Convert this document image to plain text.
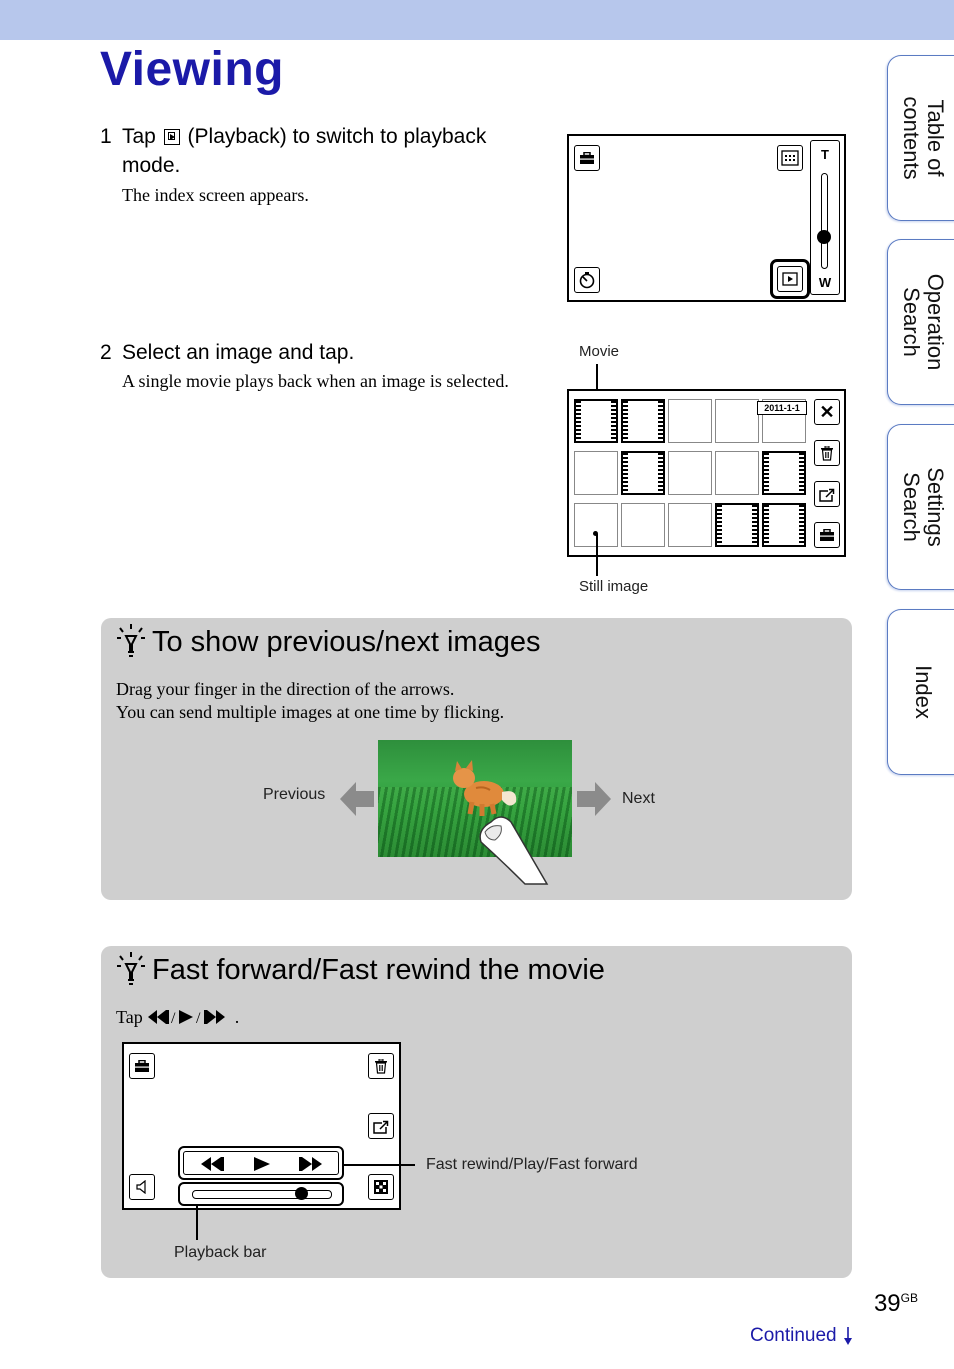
Viewing
1 Tap (Playback) to switch to playback
mode.
The index screen appears.
T
W
2 Select an image and tap.
A single movie plays back when an image is selected.
Movie
2011-1-1	✕
Still image
To show previous/next images
Drag your finger in the direction of the arrows.
You can send multiple images at one time by flicking.
Previous	Next
Fast forward/Fast rewind the movie
Tap / / .
Fast rewind/Play/Fast forward
Playback bar
Table of
contents
Operation
Search
Settings
Search
Index
$39^{GB}$
Continued
